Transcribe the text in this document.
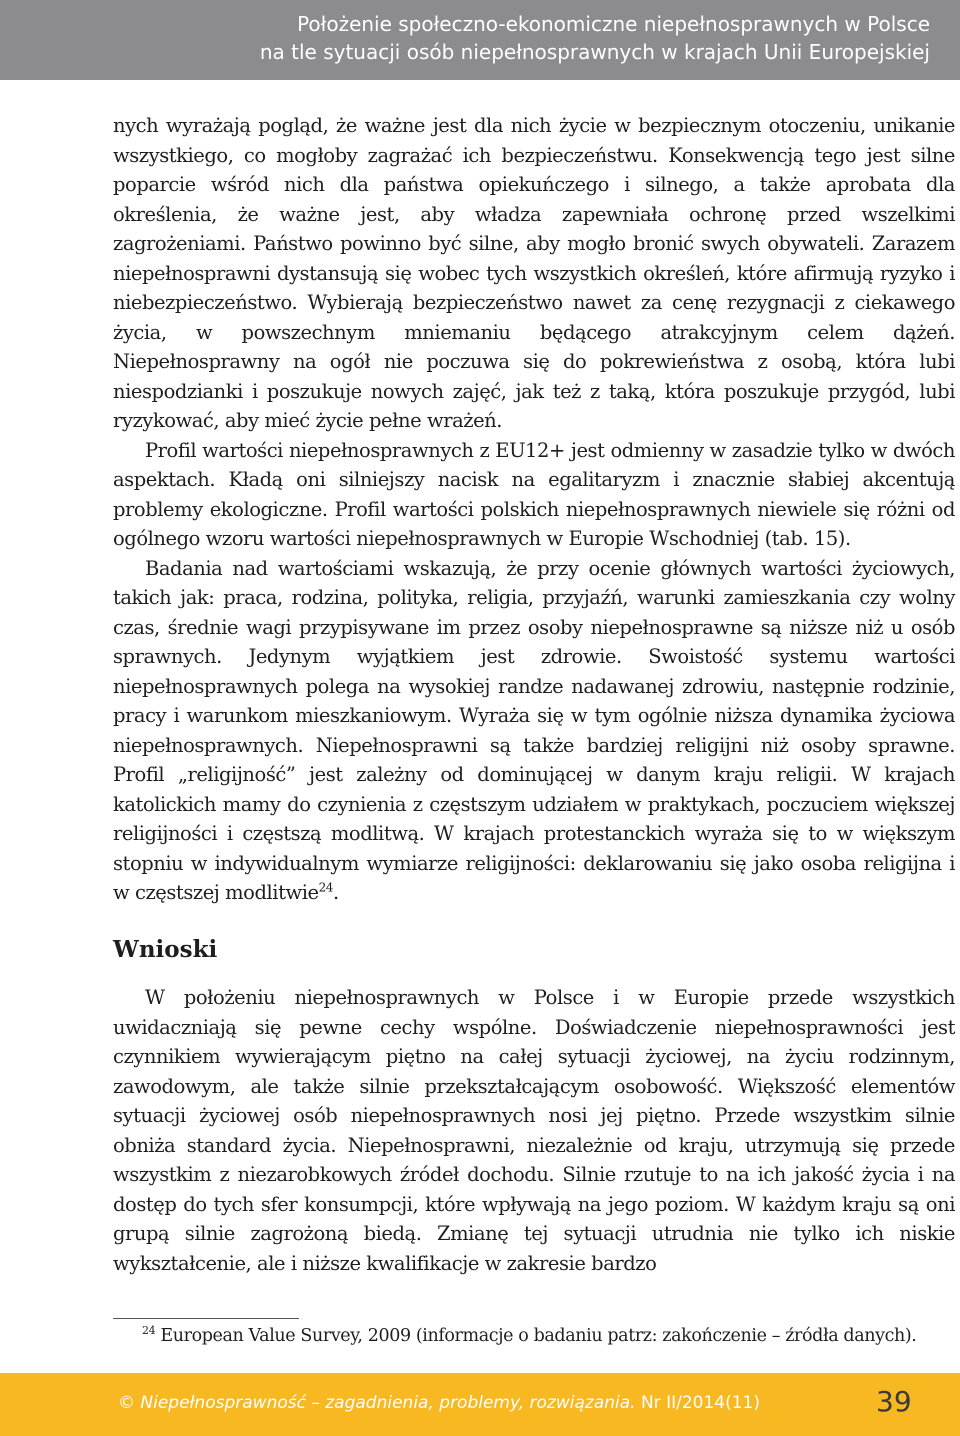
Położenie społeczno-ekonomiczne niepełnosprawnych w Polsce
na tle sytuacji osób niepełnosprawnych w krajach Unii Europejskiej

nych wyrażają pogląd, że ważne jest dla nich życie w bezpiecznym otoczeniu, unikanie wszystkiego, co mogłoby zagrażać ich bezpieczeństwu. Konsekwencją tego jest silne poparcie wśród nich dla państwa opiekuńczego i silnego, a także aprobata dla określenia, że ważne jest, aby władza zapewniała ochronę przed wszelkimi zagrożeniami. Państwo powinno być silne, aby mogło bronić swych obywateli. Zarazem niepełnosprawni dystansują się wobec tych wszystkich określeń, które afirmują ryzyko i niebezpieczeństwo. Wybierają bezpieczeństwo nawet za cenę rezygnacji z ciekawego życia, w powszechnym mniemaniu będącego atrakcyjnym celem dążeń. Niepełnosprawny na ogół nie poczuwa się do pokrewieństwa z osobą, która lubi niespodzianki i poszukuje nowych zajęć, jak też z taką, która poszukuje przygód, lubi ryzykować, aby mieć życie pełne wrażeń.

Profil wartości niepełnosprawnych z EU12+ jest odmienny w zasadzie tylko w dwóch aspektach. Kładą oni silniejszy nacisk na egalitaryzm i znacznie słabiej akcentują problemy ekologiczne. Profil wartości polskich niepełnosprawnych niewiele się różni od ogólnego wzoru wartości niepełnosprawnych w Europie Wschodniej (tab. 15).

Badania nad wartościami wskazują, że przy ocenie głównych wartości życiowych, takich jak: praca, rodzina, polityka, religia, przyjaźń, warunki zamieszkania czy wolny czas, średnie wagi przypisywane im przez osoby niepełnosprawne są niższe niż u osób sprawnych. Jedynym wyjątkiem jest zdrowie. Swoistość systemu wartości niepełnosprawnych polega na wysokiej randze nadawanej zdrowiu, następnie rodzinie, pracy i warunkom mieszkaniowym. Wyraża się w tym ogólnie niższa dynamika życiowa niepełnosprawnych. Niepełnosprawni są także bardziej religijni niż osoby sprawne. Profil „religijność” jest zależny od dominującej w danym kraju religii. W krajach katolickich mamy do czynienia z częstszym udziałem w praktykach, poczuciem większej religijności i częstszą modlitwą. W krajach protestanckich wyraża się to w większym stopniu w indywidualnym wymiarze religijności: deklarowaniu się jako osoba religijna i w częstszej modlitwie$^{24}$.

Wnioski

W położeniu niepełnosprawnych w Polsce i w Europie przede wszystkich uwidaczniają się pewne cechy wspólne. Doświadczenie niepełnosprawności jest czynnikiem wywierającym piętno na całej sytuacji życiowej, na życiu rodzinnym, zawodowym, ale także silnie przekształcającym osobowość. Większość elementów sytuacji życiowej osób niepełnosprawnych nosi jej piętno. Przede wszystkim silnie obniża standard życia. Niepełnosprawni, niezależnie od kraju, utrzymują się przede wszystkim z niezarobkowych źródeł dochodu. Silnie rzutuje to na ich jakość życia i na dostęp do tych sfer konsumpcji, które wpływają na jego poziom. W każdym kraju są oni grupą silnie zagrożoną biedą. Zmianę tej sytuacji utrudnia nie tylko ich niskie wykształcenie, ale i niższe kwalifikacje w zakresie bardzo

$^{24}$ European Value Survey, 2009 (informacje o badaniu patrz: zakończenie – źródła danych).
© Niepełnosprawność – zagadnienia, problemy, rozwiązania. Nr II/2014(11)	39
